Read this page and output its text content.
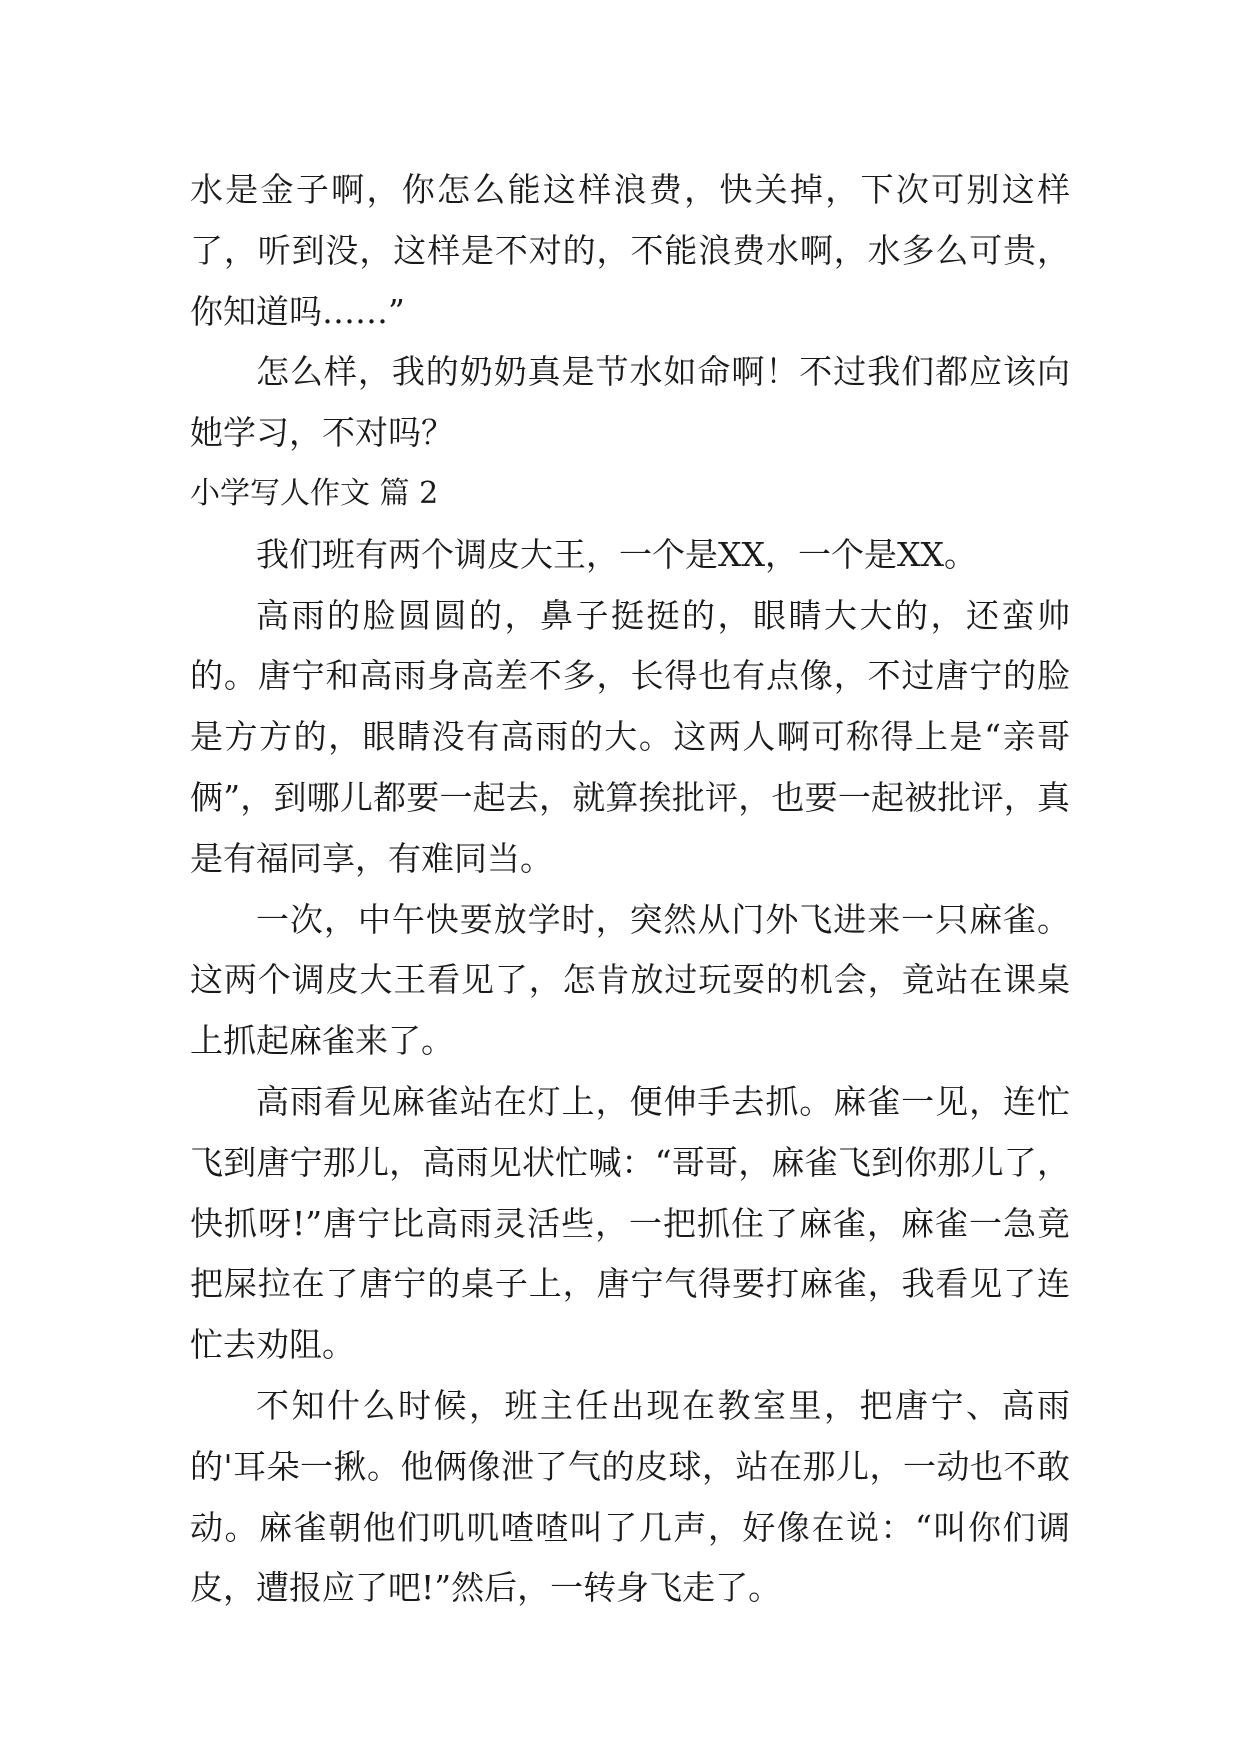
水是金子啊，你怎么能这样浪费，快关掉，下次可别这样了，听到没，这样是不对的，不能浪费水啊，水多么可贵，你知道吗……”

怎么样，我的奶奶真是节水如命啊！不过我们都应该向她学习，不对吗？

小学写人作文 篇 2

我们班有两个调皮大王，一个是XX，一个是XX。

高雨的脸圆圆的，鼻子挺挺的，眼睛大大的，还蛮帅的。唐宁和高雨身高差不多，长得也有点像，不过唐宁的脸是方方的，眼睛没有高雨的大。这两人啊可称得上是“亲哥俩”，到哪儿都要一起去，就算挨批评，也要一起被批评，真是有福同享，有难同当。

一次，中午快要放学时，突然从门外飞进来一只麻雀。这两个调皮大王看见了，怎肯放过玩耍的机会，竟站在课桌上抓起麻雀来了。

高雨看见麻雀站在灯上，便伸手去抓。麻雀一见，连忙飞到唐宁那儿，高雨见状忙喊：“哥哥，麻雀飞到你那儿了，快抓呀!”唐宁比高雨灵活些，一把抓住了麻雀，麻雀一急竟把屎拉在了唐宁的桌子上，唐宁气得要打麻雀，我看见了连忙去劝阻。

不知什么时候，班主任出现在教室里，把唐宁、高雨的'耳朵一揪。他俩像泄了气的皮球，站在那儿，一动也不敢动。麻雀朝他们叽叽喳喳叫了几声，好像在说：“叫你们调皮，遭报应了吧!”然后，一转身飞走了。
